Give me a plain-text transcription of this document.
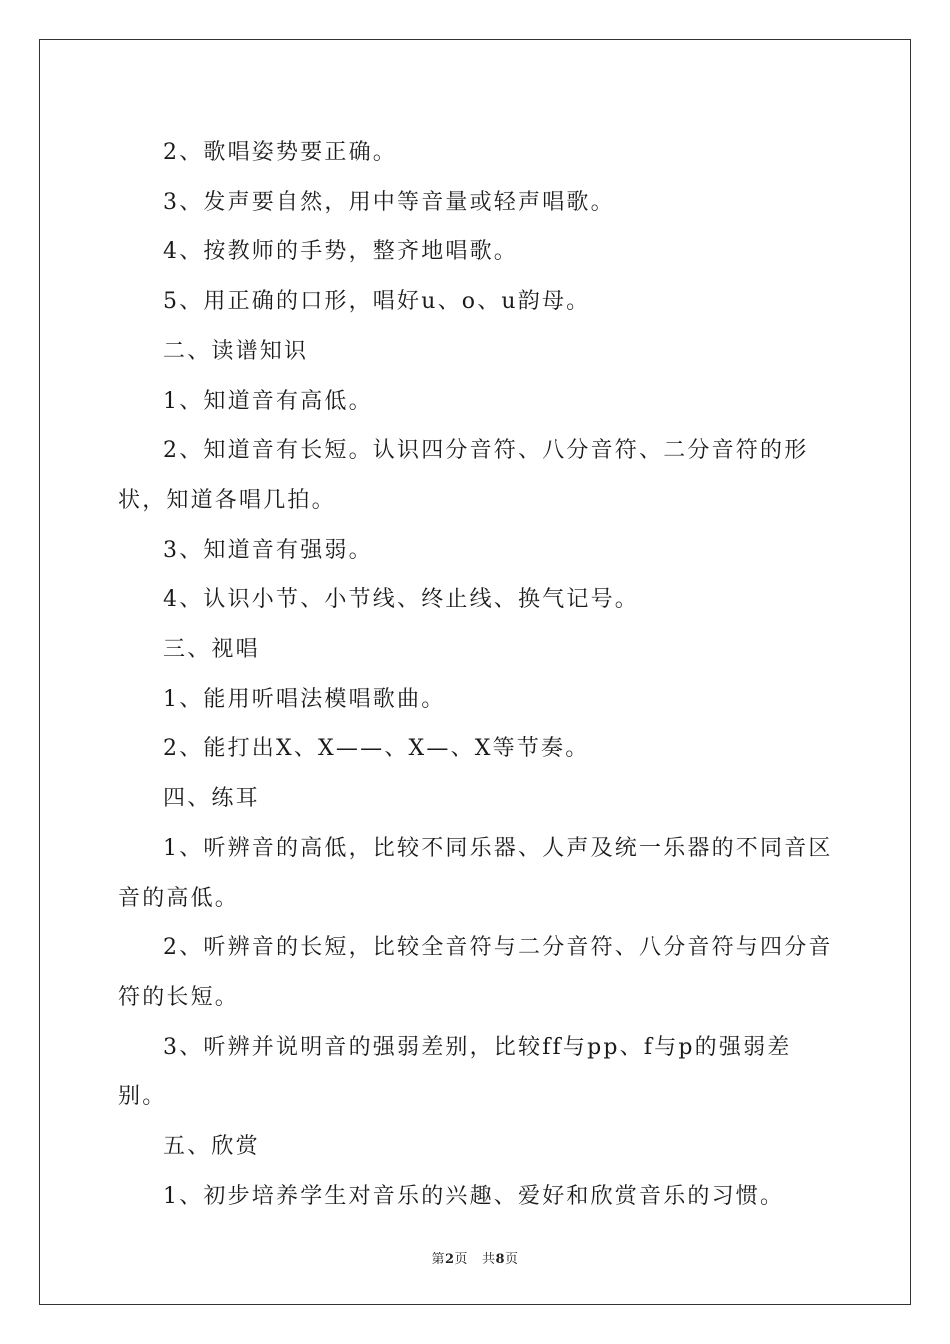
2、歌唱姿势要正确。

3、发声要自然，用中等音量或轻声唱歌。

4、按教师的手势，整齐地唱歌。

5、用正确的口形，唱好u、o、u韵母。

二、读谱知识

1、知道音有高低。

2、知道音有长短。认识四分音符、八分音符、二分音符的形状，知道各唱几拍。

3、知道音有强弱。

4、认识小节、小节线、终止线、换气记号。

三、视唱

1、能用听唱法模唱歌曲。

2、能打出X、X——、X—、X等节奏。

四、练耳

1、听辨音的高低，比较不同乐器、人声及统一乐器的不同音区音的高低。

2、听辨音的长短，比较全音符与二分音符、八分音符与四分音符的长短。

3、听辨并说明音的强弱差别，比较ff与pp、f与p的强弱差别。

五、欣赏

1、初步培养学生对音乐的兴趣、爱好和欣赏音乐的习惯。

第2页 共8页
